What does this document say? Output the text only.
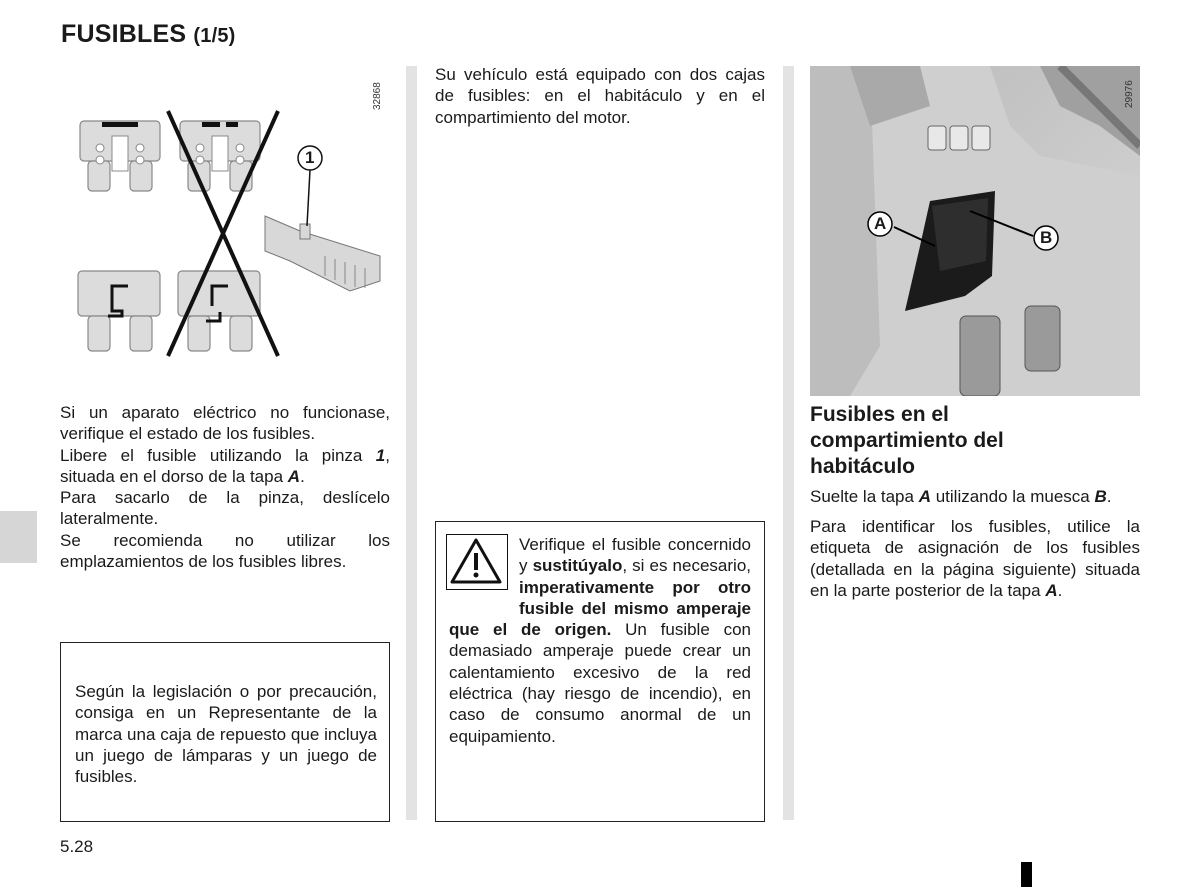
FUSIBLES (1/5)
1
32868
Si un aparato eléctrico no funcionase, verifique el estado de los fusibles.
Libere el fusible utilizando la pinza 1, situada en el dorso de la tapa A.
Para sacarlo de la pinza, deslícelo lateralmente.
Se recomienda no utilizar los emplazamientos de los fusibles libres.
Según la legislación o por precaución, consiga en un Representante de la marca una caja de repuesto que incluya un juego de lámparas y un juego de fusibles.
Su vehículo está equipado con dos cajas de fusibles: en el habitáculo y en el compartimiento del motor.
Verifique el fusible concernido y sustitúyalo, si es necesario, imperativamente por otro fusible del mismo amperaje que el de origen. Un fusible con demasiado amperaje puede crear un calentamiento excesivo de la red eléctrica (hay riesgo de incendio), en caso de consumo anormal de un equipamiento.
A
B
29976
Fusibles en el
compartimiento del
habitáculo
Suelte la tapa A utilizando la muesca B.
Para identificar los fusibles, utilice la etiqueta de asignación de los fusibles (detallada en la página siguiente) situada en la parte posterior de la tapa A.
5.28
